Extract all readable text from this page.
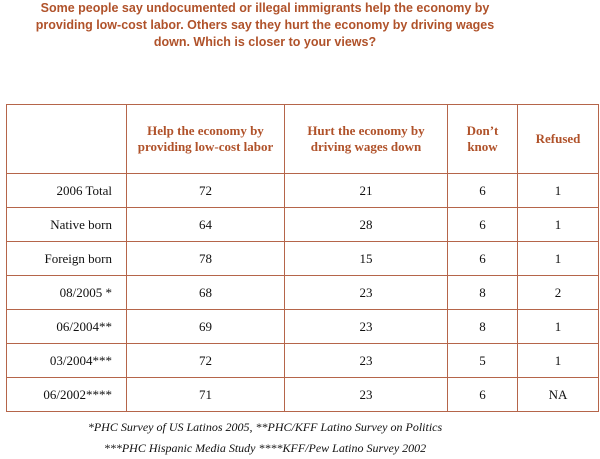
Some people say undocumented or illegal immigrants help the economy by
providing low-cost labor. Others say they hurt the economy by driving wages
down. Which is closer to your views?
	Help the economy by providing low-cost labor	Hurt the economy by driving wages down	Don’t know	Refused
2006 Total	72	21	6	1
Native born	64	28	6	1
Foreign born	78	15	6	1
08/2005 *	68	23	8	2
06/2004**	69	23	8	1
03/2004***	72	23	5	1
06/2002****	71	23	6	NA
*PHC Survey of US Latinos 2005, **PHC/KFF Latino Survey on Politics
***PHC Hispanic Media Study ****KFF/Pew Latino Survey 2002
